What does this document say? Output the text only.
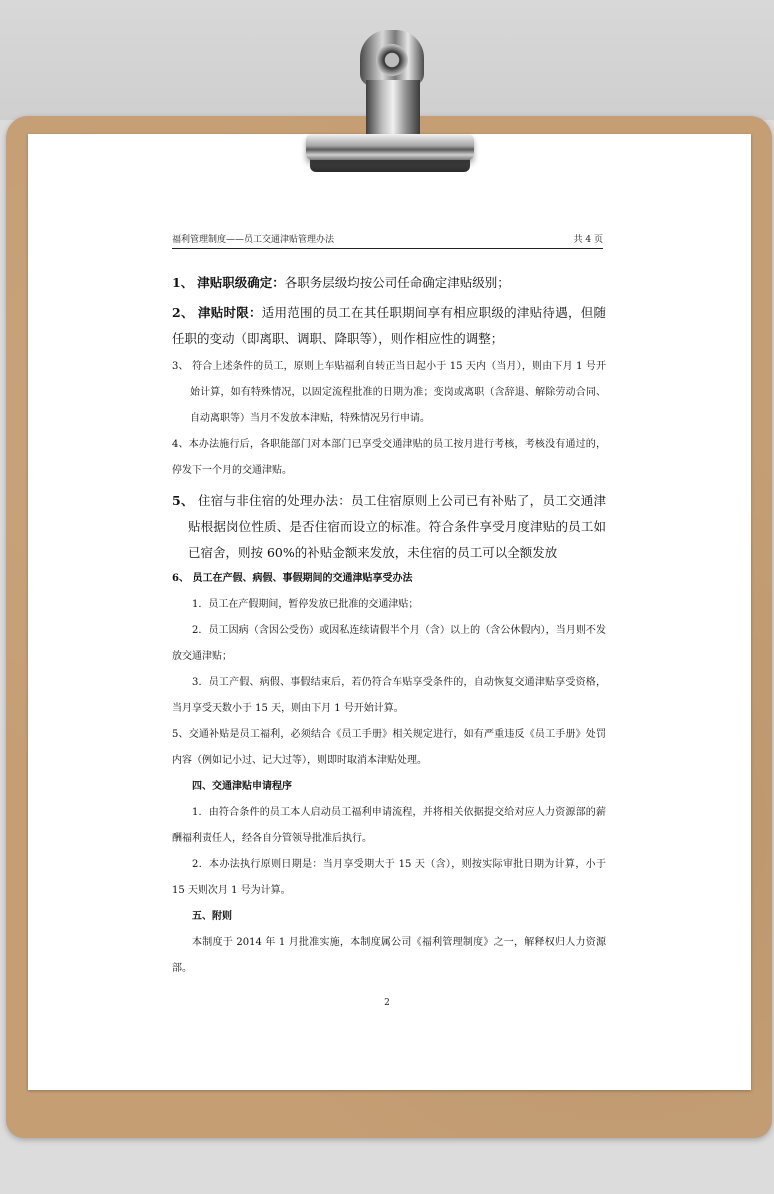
福利管理制度——员工交通津贴管理办法	共 4 页

1、 津贴职级确定：各职务层级均按公司任命确定津贴级别；

2、 津贴时限：适用范围的员工在其任职期间享有相应职级的津贴待遇，但随任职的变动（即离职、调职、降职等），则作相应性的调整；

3、 符合上述条件的员工，原则上车贴福利自转正当日起小于 15 天内（当月），则由下月 1 号开始计算，如有特殊情况，以固定流程批准的日期为准；变岗或离职（含辞退、解除劳动合同、自动离职等）当月不发放本津贴，特殊情况另行申请。

4、本办法施行后，各职能部门对本部门已享受交通津贴的员工按月进行考核，考核没有通过的，停发下一个月的交通津贴。

5、 住宿与非住宿的处理办法：员工住宿原则上公司已有补贴了，员工交通津贴根据岗位性质、是否住宿而设立的标准。符合条件享受月度津贴的员工如已宿舍，则按 60%的补贴金额来发放，未住宿的员工可以全额发放

6、 员工在产假、病假、事假期间的交通津贴享受办法

1．员工在产假期间，暂停发放已批准的交通津贴；

2．员工因病（含因公受伤）或因私连续请假半个月（含）以上的（含公休假内），当月则不发放交通津贴；

3．员工产假、病假、事假结束后，若仍符合车贴享受条件的，自动恢复交通津贴享受资格，当月享受天数小于 15 天，则由下月 1 号开始计算。

5、交通补贴是员工福利，必须结合《员工手册》相关规定进行，如有严重违反《员工手册》处罚内容（例如记小过、记大过等），则即时取消本津贴处理。

四、交通津贴申请程序

1．由符合条件的员工本人启动员工福利申请流程，并将相关依据提交给对应人力资源部的薪酬福利责任人，经各自分管领导批准后执行。

2．本办法执行原则日期是：当月享受期大于 15 天（含），则按实际审批日期为计算，小于 15 天则次月 1 号为计算。

五、附则

本制度于 2014 年 1 月批准实施，本制度属公司《福利管理制度》之一，解释权归人力资源部。

2
